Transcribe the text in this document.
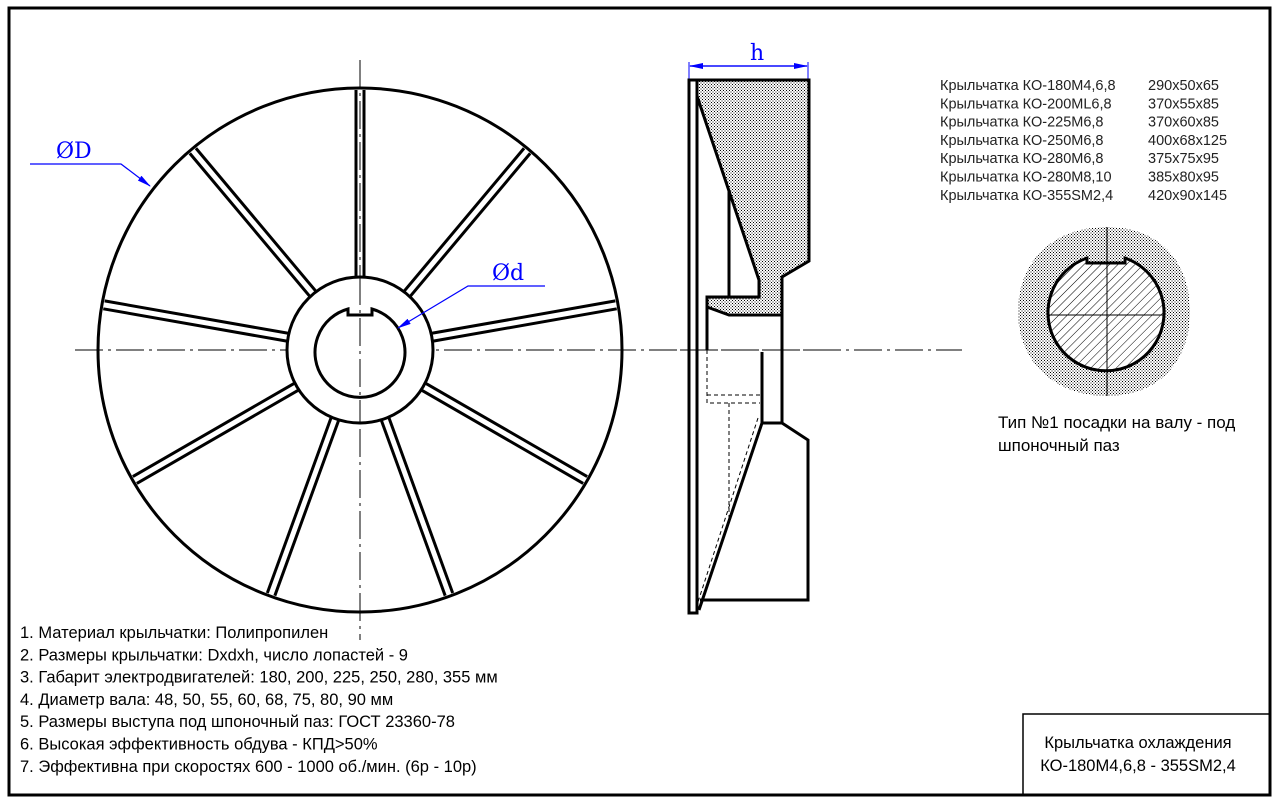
ØD
Ød
h
Крыльчатка КО-180М4,6,8 290x50x65
Крыльчатка КО-200МL6,8	370x55x85
Крыльчатка КО-225М6,8	370x60x85
Крыльчатка КО-250М6,8	400x68x125
Крыльчатка КО-280М6,8	375x75x95
Крыльчатка КО-280М8,10	385x80x95
Крыльчатка КО-355SM2,4 420x90x145
Тип №1 посадки на валу - под
шпоночный паз
1. Материал крыльчатки: Полипропилен
2. Размеры крыльчатки: Dxdxh, число лопастей - 9
3. Габарит электродвигателей: 180, 200, 225, 250, 280, 355 мм
4. Диаметр вала: 48, 50, 55, 60, 68, 75, 80, 90 мм
5. Размеры выступа под шпоночный паз: ГОСТ 23360-78
6. Высокая эффективность обдува - КПД>50%
7. Эффективна при скоростях 600 - 1000 об./мин. (6р - 10р)
Крыльчатка охлаждения
КО-180М4,6,8 - 355SM2,4
